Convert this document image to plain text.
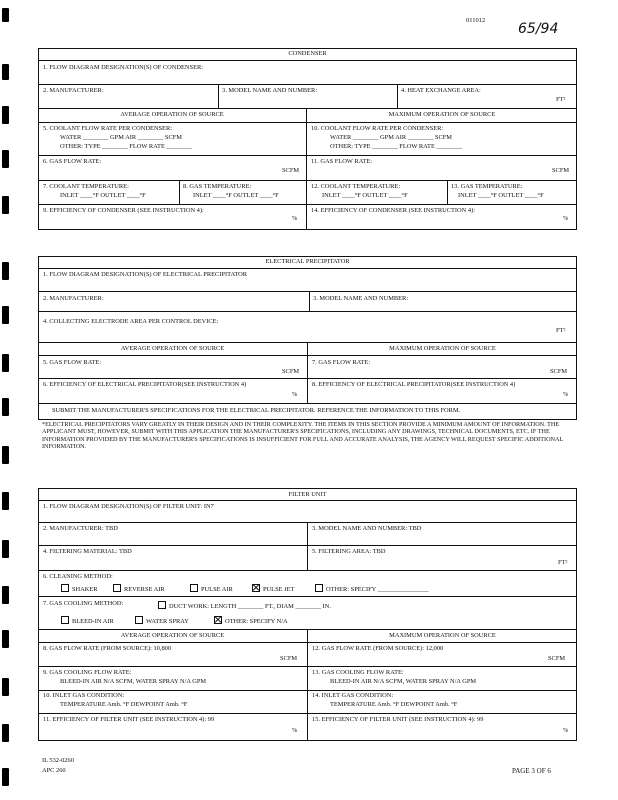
011012
65/94
CONDENSER
1. FLOW DIAGRAM DESIGNATION(S) OF CONDENSER:
2. MANUFACTURER:	3. MODEL NAME AND NUMBER:	4. HEAT EXCHANGE AREA:
FT²
AVERAGE OPERATION OF SOURCE	MAXIMUM OPERATION OF SOURCE
5. COOLANT FLOW RATE PER CONDENSER:
WATER ________ GPM AIR ________ SCFM
OTHER: TYPE ________ FLOW RATE ________
10. COOLANT FLOW RATE PER CONDENSER:
WATER ________ GPM AIR ________ SCFM
OTHER: TYPE ________ FLOW RATE ________
6. GAS FLOW RATE:
SCFM
11. GAS FLOW RATE:
SCFM
7. COOLANT TEMPERATURE:
INLET ____°F OUTLET ____°F
8. GAS TEMPERATURE:
INLET ____°F OUTLET ____°F
12. COOLANT TEMPERATURE:
INLET ____°F OUTLET ____°F
13. GAS TEMPERATURE:
INLET ____°F OUTLET ____°F
9. EFFICIENCY OF CONDENSER (SEE INSTRUCTION 4):
%
14. EFFICIENCY OF CONDENSER (SEE INSTRUCTION 4):
%
ELECTRICAL PRECIPITATOR
1. FLOW DIAGRAM DESIGNATION(S) OF ELECTRICAL PRECIPITATOR
2. MANUFACTURER:	3. MODEL NAME AND NUMBER:
4. COLLECTING ELECTRODE AREA PER CONTROL DEVICE:
FT²
AVERAGE OPERATION OF SOURCE	MAXIMUM OPERATION OF SOURCE
5. GAS FLOW RATE:
SCFM
7. GAS FLOW RATE:
SCFM
6. EFFICIENCY OF ELECTRICAL PRECIPITATOR(SEE INSTRUCTION 4)
%
8. EFFICIENCY OF ELECTRICAL PRECIPITATOR(SEE INSTRUCTION 4)
%
SUBMIT THE MANUFACTURER'S SPECIFICATIONS FOR THE ELECTRICAL PRECIPITATOR. REFERENCE THE INFORMATION TO THIS FORM.
*ELECTRICAL PRECIPITATORS VARY GREATLY IN THEIR DESIGN AND IN THEIR COMPLEXITY. THE ITEMS IN THIS SECTION PROVIDE A MINIMUM AMOUNT OF INFORMATION. THE APPLICANT MUST, HOWEVER, SUBMIT WITH THIS APPLICATION THE MANUFACTURER'S SPECIFICATIONS, INCLUDING ANY DRAWINGS, TECHNICAL DOCUMENTS, ETC. IF THE INFORMATION PROVIDED BY THE MANUFACTURER'S SPECIFICATIONS IS INSUFFICIENT FOR FULL AND ACCURATE ANALYSIS, THE AGENCY WILL REQUEST SPECIFIC ADDITIONAL INFORMATION.
FILTER UNIT
1. FLOW DIAGRAM DESIGNATION(S) OF FILTER UNIT: IN7
2. MANUFACTURER: TBD	3. MODEL NAME AND NUMBER: TBD
4. FILTERING MATERIAL: TBD	5. FILTERING AREA: TBD
FT²
6. CLEANING METHOD:
SHAKER	REVERSE AIR	PULSE AIR	PULSE JET	OTHER: SPECIFY ________________
7. GAS COOLING METHOD:	DUCT WORK: LENGTH ________ FT., DIAM ________ IN.
BLEED-IN AIR	WATER SPRAY	OTHER: SPECIFY N/A
AVERAGE OPERATION OF SOURCE	MAXIMUM OPERATION OF SOURCE
8. GAS FLOW RATE (FROM SOURCE): 10,800
SCFM
12. GAS FLOW RATE (FROM SOURCE): 12,000
SCFM
9. GAS COOLING FLOW RATE:
BLEED-IN AIR N/A SCFM, WATER SPRAY N/A GPM
13. GAS COOLING FLOW RATE:
BLEED-IN AIR N/A SCFM, WATER SPRAY N/A GPM
10. INLET GAS CONDITION:
TEMPERATURE Amb. °F DEWPOINT Amb. °F
14. INLET GAS CONDITION:
TEMPERATURE Amb. °F DEWPOINT Amb. °F
11. EFFICIENCY OF FILTER UNIT (SEE INSTRUCTION 4): 99
%
15. EFFICIENCY OF FILTER UNIT (SEE INSTRUCTION 4): 99
%
IL 532-0260
APC 260	PAGE 3 OF 6
